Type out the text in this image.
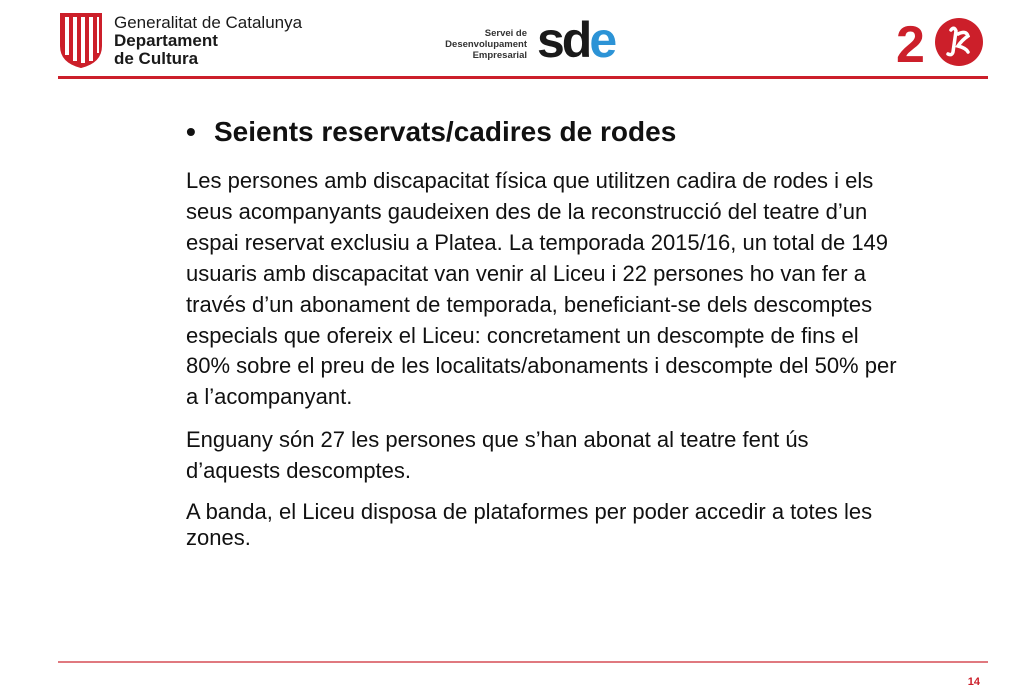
Generalitat de Catalunya
Departament
de Cultura
Servei de
Desenvolupament
Empresarial sde	2
• Seients reservats/cadires de rodes

Les persones amb discapacitat física que utilitzen cadira de rodes i els seus acompanyants gaudeixen des de la reconstrucció del teatre d’un espai reservat exclusiu a Platea. La temporada 2015/16, un total de 149 usuaris amb discapacitat van venir al Liceu i 22 persones ho van fer a través d’un abonament de temporada, beneficiant-se dels descomptes especials que ofereix el Liceu: concretament un descompte de fins el 80% sobre el preu de les localitats/abonaments i descompte del 50% per a l’acompanyant.

Enguany són 27 les persones que s’han abonat al teatre fent ús d’aquests descomptes.

A banda, el Liceu disposa de plataformes per poder accedir a totes les zones.

14
